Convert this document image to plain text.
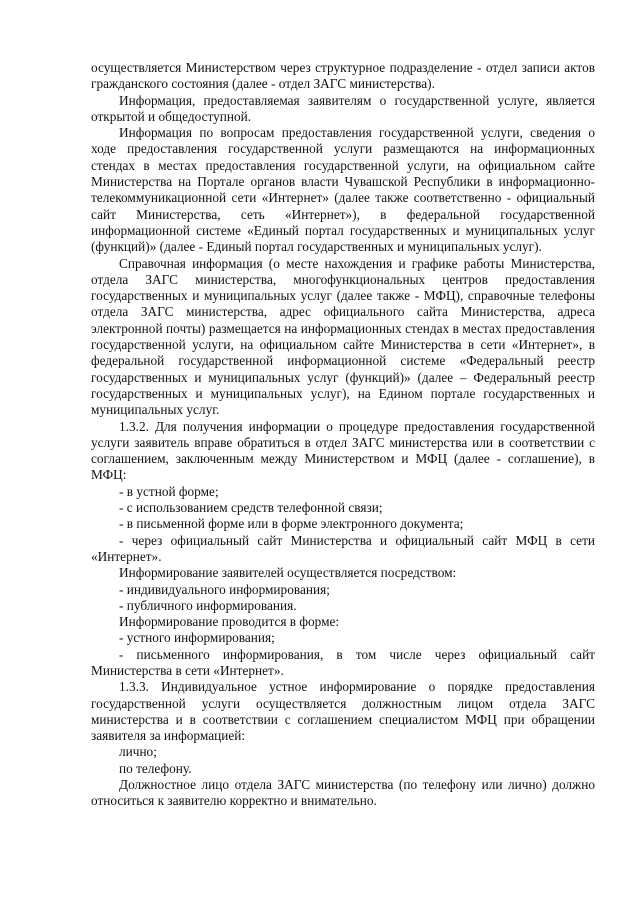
осуществляется Министерством через структурное подразделение - отдел записи актов гражданского состояния (далее - отдел ЗАГС министерства).

Информация, предоставляемая заявителям о государственной услуге, является открытой и общедоступной.

Информация по вопросам предоставления государственной услуги, сведения о ходе предоставления государственной услуги размещаются на информационных стендах в местах предоставления государственной услуги, на официальном сайте Министерства на Портале органов власти Чувашской Республики в информационно-телекоммуникационной сети «Интернет» (далее также соответственно - официальный сайт Министерства, сеть «Интернет»), в федеральной государственной информационной системе «Единый портал государственных и муниципальных услуг (функций)» (далее - Единый портал государственных и муниципальных услуг).

Справочная информация (о месте нахождения и графике работы Министерства, отдела ЗАГС министерства, многофункциональных центров предоставления государственных и муниципальных услуг (далее также - МФЦ), справочные телефоны отдела ЗАГС министерства, адрес официального сайта Министерства, адреса электронной почты) размещается на информационных стендах в местах предоставления государственной услуги, на официальном сайте Министерства в сети «Интернет», в федеральной государственной информационной системе «Федеральный реестр государственных и муниципальных услуг (функций)» (далее – Федеральный реестр государственных и муниципальных услуг), на Едином портале государственных и муниципальных услуг.

1.3.2. Для получения информации о процедуре предоставления государственной услуги заявитель вправе обратиться в отдел ЗАГС министерства или в соответствии с соглашением, заключенным между Министерством и МФЦ (далее - соглашение), в МФЦ:

- в устной форме;

- с использованием средств телефонной связи;

- в письменной форме или в форме электронного документа;

- через официальный сайт Министерства и официальный сайт МФЦ в сети «Интернет».

Информирование заявителей осуществляется посредством:

- индивидуального информирования;

- публичного информирования.

Информирование проводится в форме:

- устного информирования;

- письменного информирования, в том числе через официальный сайт Министерства в сети «Интернет».

1.3.3. Индивидуальное устное информирование о порядке предоставления государственной услуги осуществляется должностным лицом отдела ЗАГС министерства и в соответствии с соглашением специалистом МФЦ при обращении заявителя за информацией:

лично;

по телефону.

Должностное лицо отдела ЗАГС министерства (по телефону или лично) должно относиться к заявителю корректно и внимательно.
